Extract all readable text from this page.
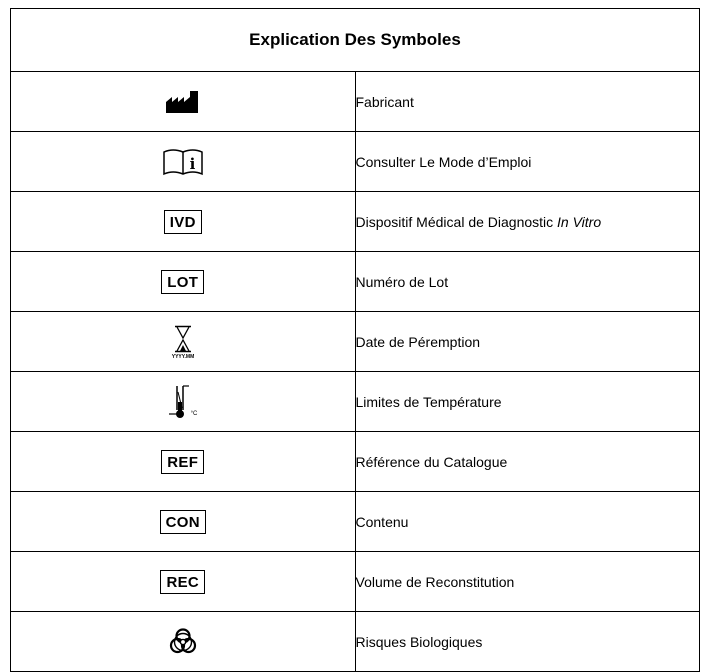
Explication Des Symboles	
	Fabricant

i	Consulter Le Mode d’Emploi
IVD	Dispositif Médical de Diagnostic In Vitro
LOT	Numéro de Lot

YYYY.MM	Date de Péremption

°C	Limites de Température
REF	Référence du Catalogue
CON	Contenu
REC	Volume de Reconstitution
	Risques Biologiques
